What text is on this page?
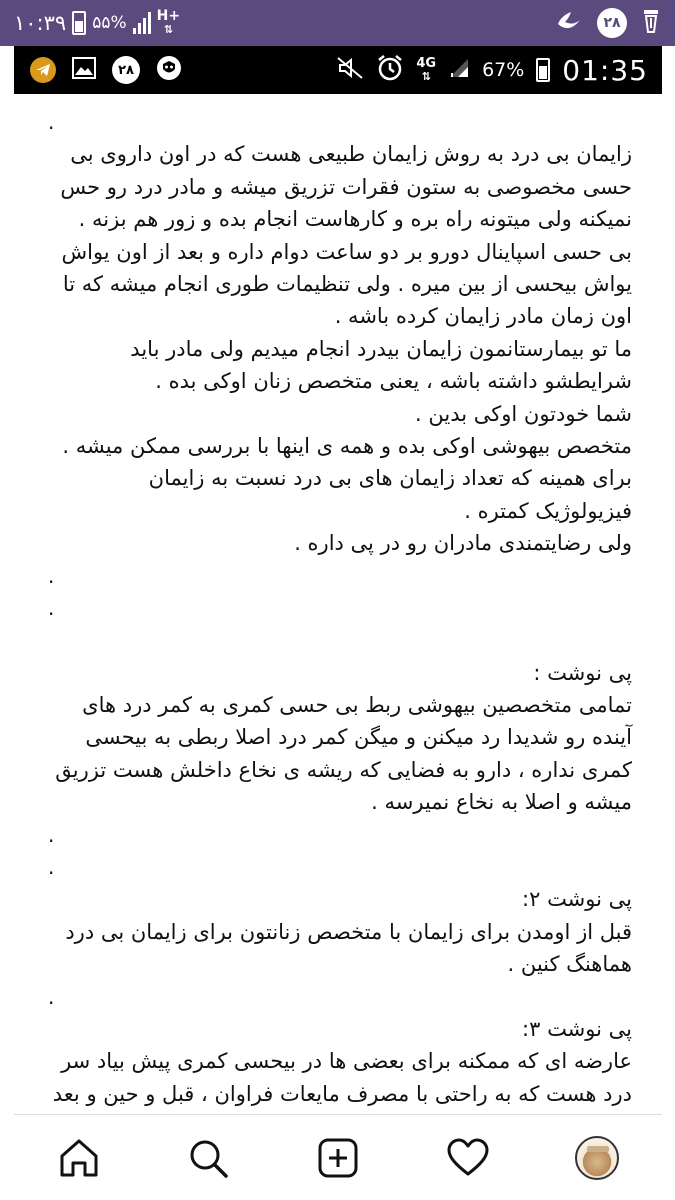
۱۰:۳۹ ۵۵% H+
⇅	۲۸
۲۸	4G
⇅	67% 01:35
.

زایمان بی درد به روش زایمان طبیعی هست که در اون داروی بی حسی مخصوصی به ستون فقرات تزریق میشه و مادر درد رو حس نمیکنه ولی میتونه راه بره و کارهاست انجام بده و زور هم بزنه .

بی حسی اسپاینال دورو بر دو ساعت دوام داره و بعد از اون یواش یواش بیحسی از بین میره . ولی تنظیمات طوری انجام میشه که تا اون زمان مادر زایمان کرده باشه .

ما تو بیمارستانمون زایمان بیدرد انجام میدیم ولی مادر باید شرایطشو داشته باشه ، یعنی متخصص زنان اوکی بده .

شما خودتون اوکی بدین .

متخصص بیهوشی اوکی بده و همه ی اینها با بررسی ممکن میشه .

برای همینه که تعداد زایمان های بی درد نسبت به زایمان فیزیولوژیک کمتره .

ولی رضایتمندی مادران رو در پی داره .

.
.

پی نوشت :

تمامی متخصصین بیهوشی ربط بی حسی کمری به کمر درد های آینده رو شدیدا رد میکنن و میگن کمر درد اصلا ربطی به بیحسی کمری نداره ، دارو به فضایی که ریشه ی نخاع داخلش هست تزریق میشه و اصلا به نخاع نمیرسه .

.
.

پی نوشت ۲:

قبل از اومدن برای زایمان با متخصص زنانتون برای زایمان بی درد هماهنگ کنین .

.

پی نوشت ۳:

عارضه ای که ممکنه برای بعضی ها در بیحسی کمری پیش بیاد سر درد هست که به راحتی با مصرف مایعات فراوان ، قبل و حین و بعد
